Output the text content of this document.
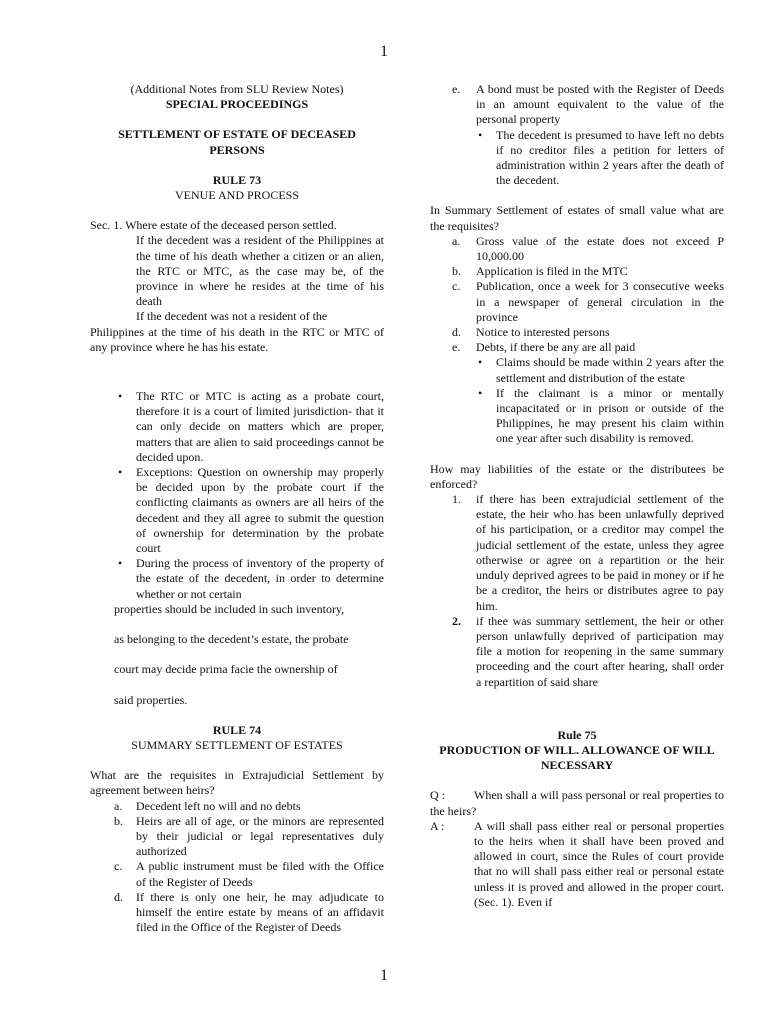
1

(Additional Notes from SLU Review Notes)

SPECIAL PROCEEDINGS

SETTLEMENT OF ESTATE OF DECEASED

PERSONS

RULE 73

VENUE AND PROCESS

Sec. 1. Where estate of the deceased person settled.

If the decedent was a resident of the Philippines at the time of his death whether a citizen or an alien, the RTC or MTC, as the case may be, of the province in where he resides at the time of his death

If the decedent was not a resident of the

Philippines at the time of his death in the RTC or MTC of any province where he has his estate.

• The RTC or MTC is acting as a probate court, therefore it is a court of limited jurisdiction- that it can only decide on matters which are proper, matters that are alien to said proceedings cannot be decided upon.
• Exceptions: Question on ownership may properly be decided upon by the probate court if the conflicting claimants as owners are all heirs of the decedent and they all agree to submit the question of ownership for determination by the probate court
• During the process of inventory of the property of the estate of the decedent, in order to determine whether or not certain

properties should be included in such inventory,

as belonging to the decedent’s estate, the probate

court may decide prima facie the ownership of

said properties.

RULE 74

SUMMARY SETTLEMENT OF ESTATES

What are the requisites in Extrajudicial Settlement by agreement between heirs?

a. Decedent left no will and no debts
b. Heirs are all of age, or the minors are represented by their judicial or legal representatives duly authorized
c. A public instrument must be filed with the Office of the Register of Deeds
d. If there is only one heir, he may adjudicate to himself the entire estate by means of an affidavit filed in the Office of the Register of Deeds
e. A bond must be posted with the Register of Deeds in an amount equivalent to the value of the personal property
• The decedent is presumed to have left no debts if no creditor files a petition for letters of administration within 2 years after the death of the decedent.

In Summary Settlement of estates of small value what are the requisites?

a. Gross value of the estate does not exceed P 10,000.00
b. Application is filed in the MTC
c. Publication, once a week for 3 consecutive weeks in a newspaper of general circulation in the province
d. Notice to interested persons
e. Debts, if there be any are all paid
• Claims should be made within 2 years after the settlement and distribution of the estate
• If the claimant is a minor or mentally incapacitated or in prison or outside of the Philippines, he may present his claim within one year after such disability is removed.

How may liabilities of the estate or the distributees be enforced?

1. if there has been extrajudicial settlement of the estate, the heir who has been unlawfully deprived of his participation, or a creditor may compel the judicial settlement of the estate, unless they agree otherwise or agree on a repartition or the heir unduly deprived agrees to be paid in money or if he be a creditor, the heirs or distributes agree to pay him.
2. if thee was summary settlement, the heir or other person unlawfully deprived of participation may file a motion for reopening in the same summary proceeding and the court after hearing, shall order a repartition of said share

Rule 75

PRODUCTION OF WILL. ALLOWANCE OF WILL NECESSARY

Q : When shall a will pass personal or real properties to the heirs?
A : A will shall pass either real or personal properties to the heirs when it shall have been proved and allowed in court, since the Rules of court provide that no will shall pass either real or personal estate unless it is proved and allowed in the proper court. (Sec. 1). Even if
1
